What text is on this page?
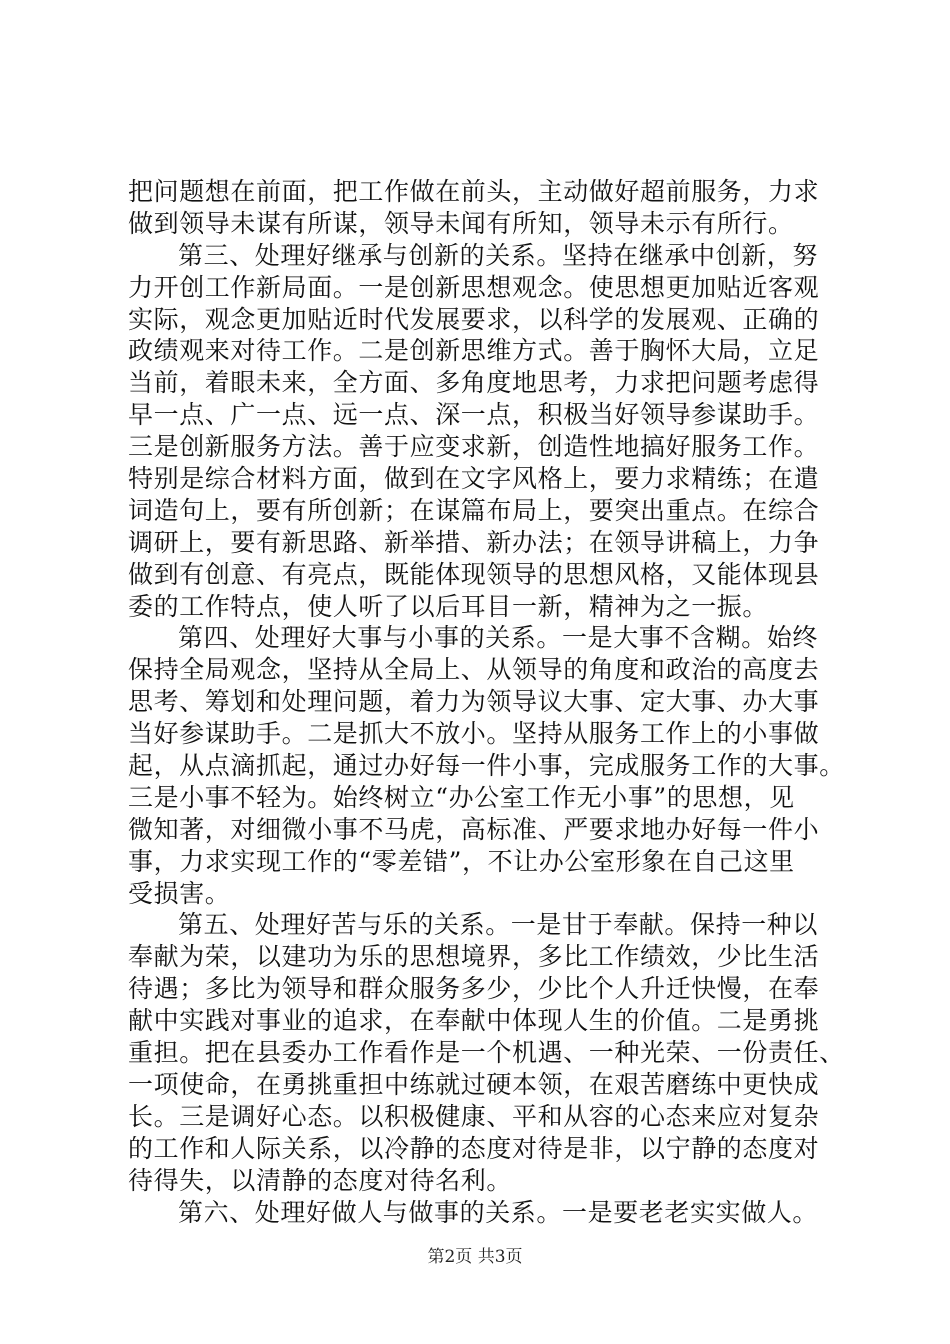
把问题想在前面，把工作做在前头，主动做好超前服务，力求
做到领导未谋有所谋，领导未闻有所知，领导未示有所行。
第三、处理好继承与创新的关系。坚持在继承中创新，努
力开创工作新局面。一是创新思想观念。使思想更加贴近客观
实际，观念更加贴近时代发展要求，以科学的发展观、正确的
政绩观来对待工作。二是创新思维方式。善于胸怀大局，立足
当前，着眼未来，全方面、多角度地思考，力求把问题考虑得
早一点、广一点、远一点、深一点，积极当好领导参谋助手。
三是创新服务方法。善于应变求新，创造性地搞好服务工作。
特别是综合材料方面，做到在文字风格上，要力求精练；在遣
词造句上，要有所创新；在谋篇布局上，要突出重点。在综合
调研上，要有新思路、新举措、新办法；在领导讲稿上，力争
做到有创意、有亮点，既能体现领导的思想风格，又能体现县
委的工作特点，使人听了以后耳目一新，精神为之一振。
第四、处理好大事与小事的关系。一是大事不含糊。始终
保持全局观念，坚持从全局上、从领导的角度和政治的高度去
思考、筹划和处理问题，着力为领导议大事、定大事、办大事
当好参谋助手。二是抓大不放小。坚持从服务工作上的小事做
起，从点滴抓起，通过办好每一件小事，完成服务工作的大事。
三是小事不轻为。始终树立“办公室工作无小事”的思想，见
微知著，对细微小事不马虎，高标准、严要求地办好每一件小
事，力求实现工作的“零差错”，不让办公室形象在自己这里
受损害。
第五、处理好苦与乐的关系。一是甘于奉献。保持一种以
奉献为荣，以建功为乐的思想境界，多比工作绩效，少比生活
待遇；多比为领导和群众服务多少，少比个人升迁快慢，在奉
献中实践对事业的追求，在奉献中体现人生的价值。二是勇挑
重担。把在县委办工作看作是一个机遇、一种光荣、一份责任、
一项使命，在勇挑重担中练就过硬本领，在艰苦磨练中更快成
长。三是调好心态。以积极健康、平和从容的心态来应对复杂
的工作和人际关系，以冷静的态度对待是非，以宁静的态度对
待得失，以清静的态度对待名利。
第六、处理好做人与做事的关系。一是要老老实实做人。
第2页 共3页
